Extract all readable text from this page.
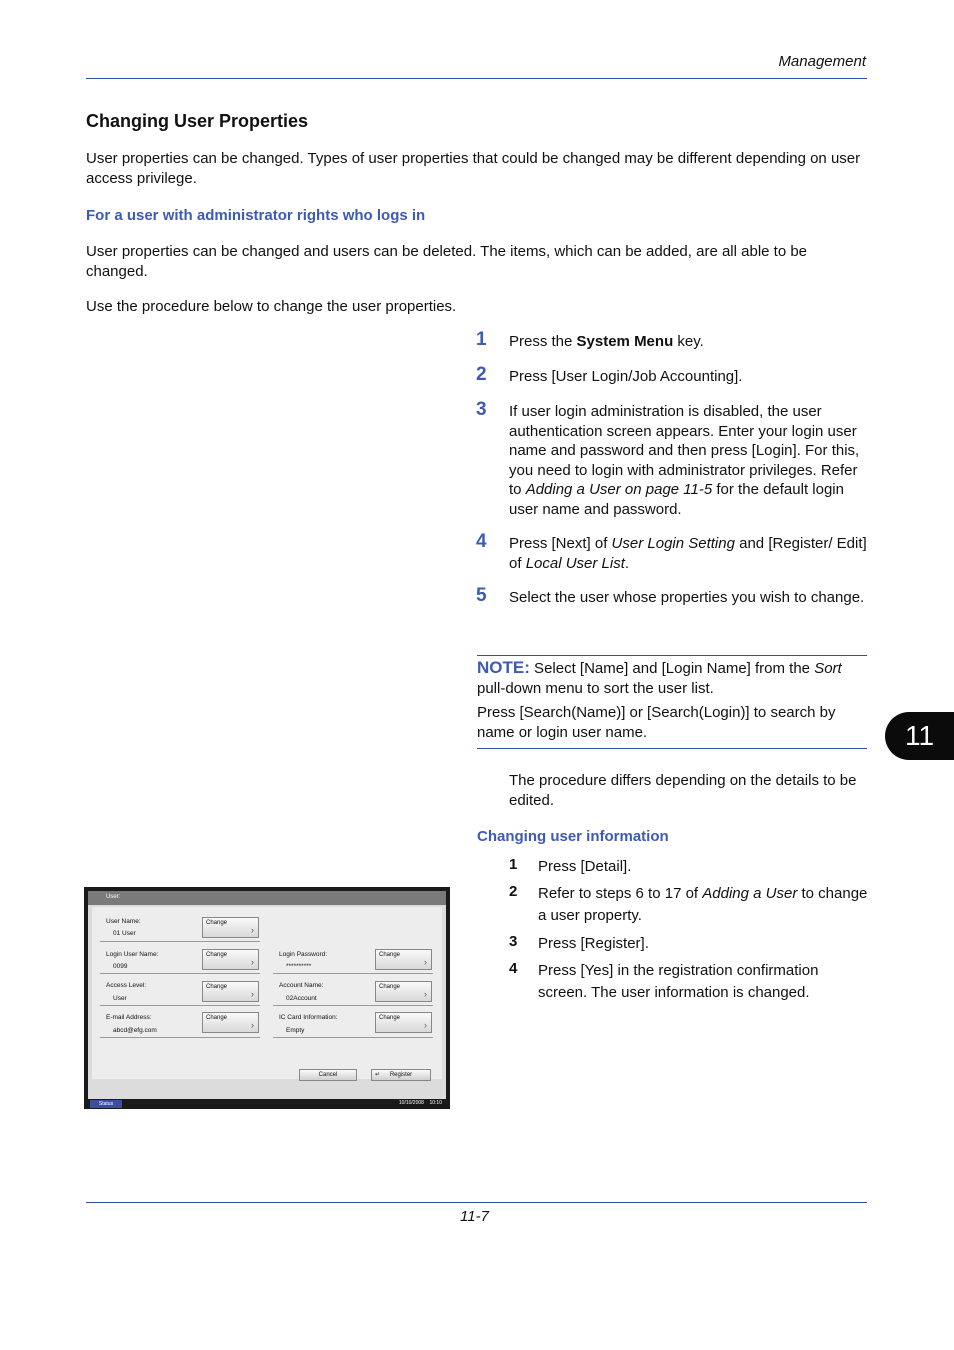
Management
Changing User Properties
User properties can be changed. Types of user properties that could be changed may be different depending on user access privilege.
For a user with administrator rights who logs in
User properties can be changed and users can be deleted. The items, which can be added, are all able to be changed.
Use the procedure below to change the user properties.
1 Press the System Menu key.
2 Press [User Login/Job Accounting].
3 If user login administration is disabled, the user authentication screen appears. Enter your login user name and password and then press [Login]. For this, you need to login with administrator privileges. Refer to Adding a User on page 11-5 for the default login user name and password.
4 Press [Next] of User Login Setting and [Register/ Edit] of Local User List.
5 Select the user whose properties you wish to change.
NOTE: Select [Name] and [Login Name] from the Sort pull-down menu to sort the user list.
Press [Search(Name)] or [Search(Login)] to search by name or login user name.
The procedure differs depending on the details to be edited.
Changing user information
1 Press [Detail].
2 Refer to steps 6 to 17 of Adding a User to change a user property.
3 Press [Register].
4 Press [Yes] in the registration confirmation screen. The user information is changed.
11
User:
User Name:
01 User
Change
›
Login User Name:
0099
Change
›
Login Password:
**********
Change
›
Access Level:
User
Change
›
Account Name:
02Account
Change
›
E-mail Address:
abcd@efg.com
Change
›
IC Card Information:
Empty
Change
›
Cancel	↵ Register
Status	10/10/2008 10:10
11-7
